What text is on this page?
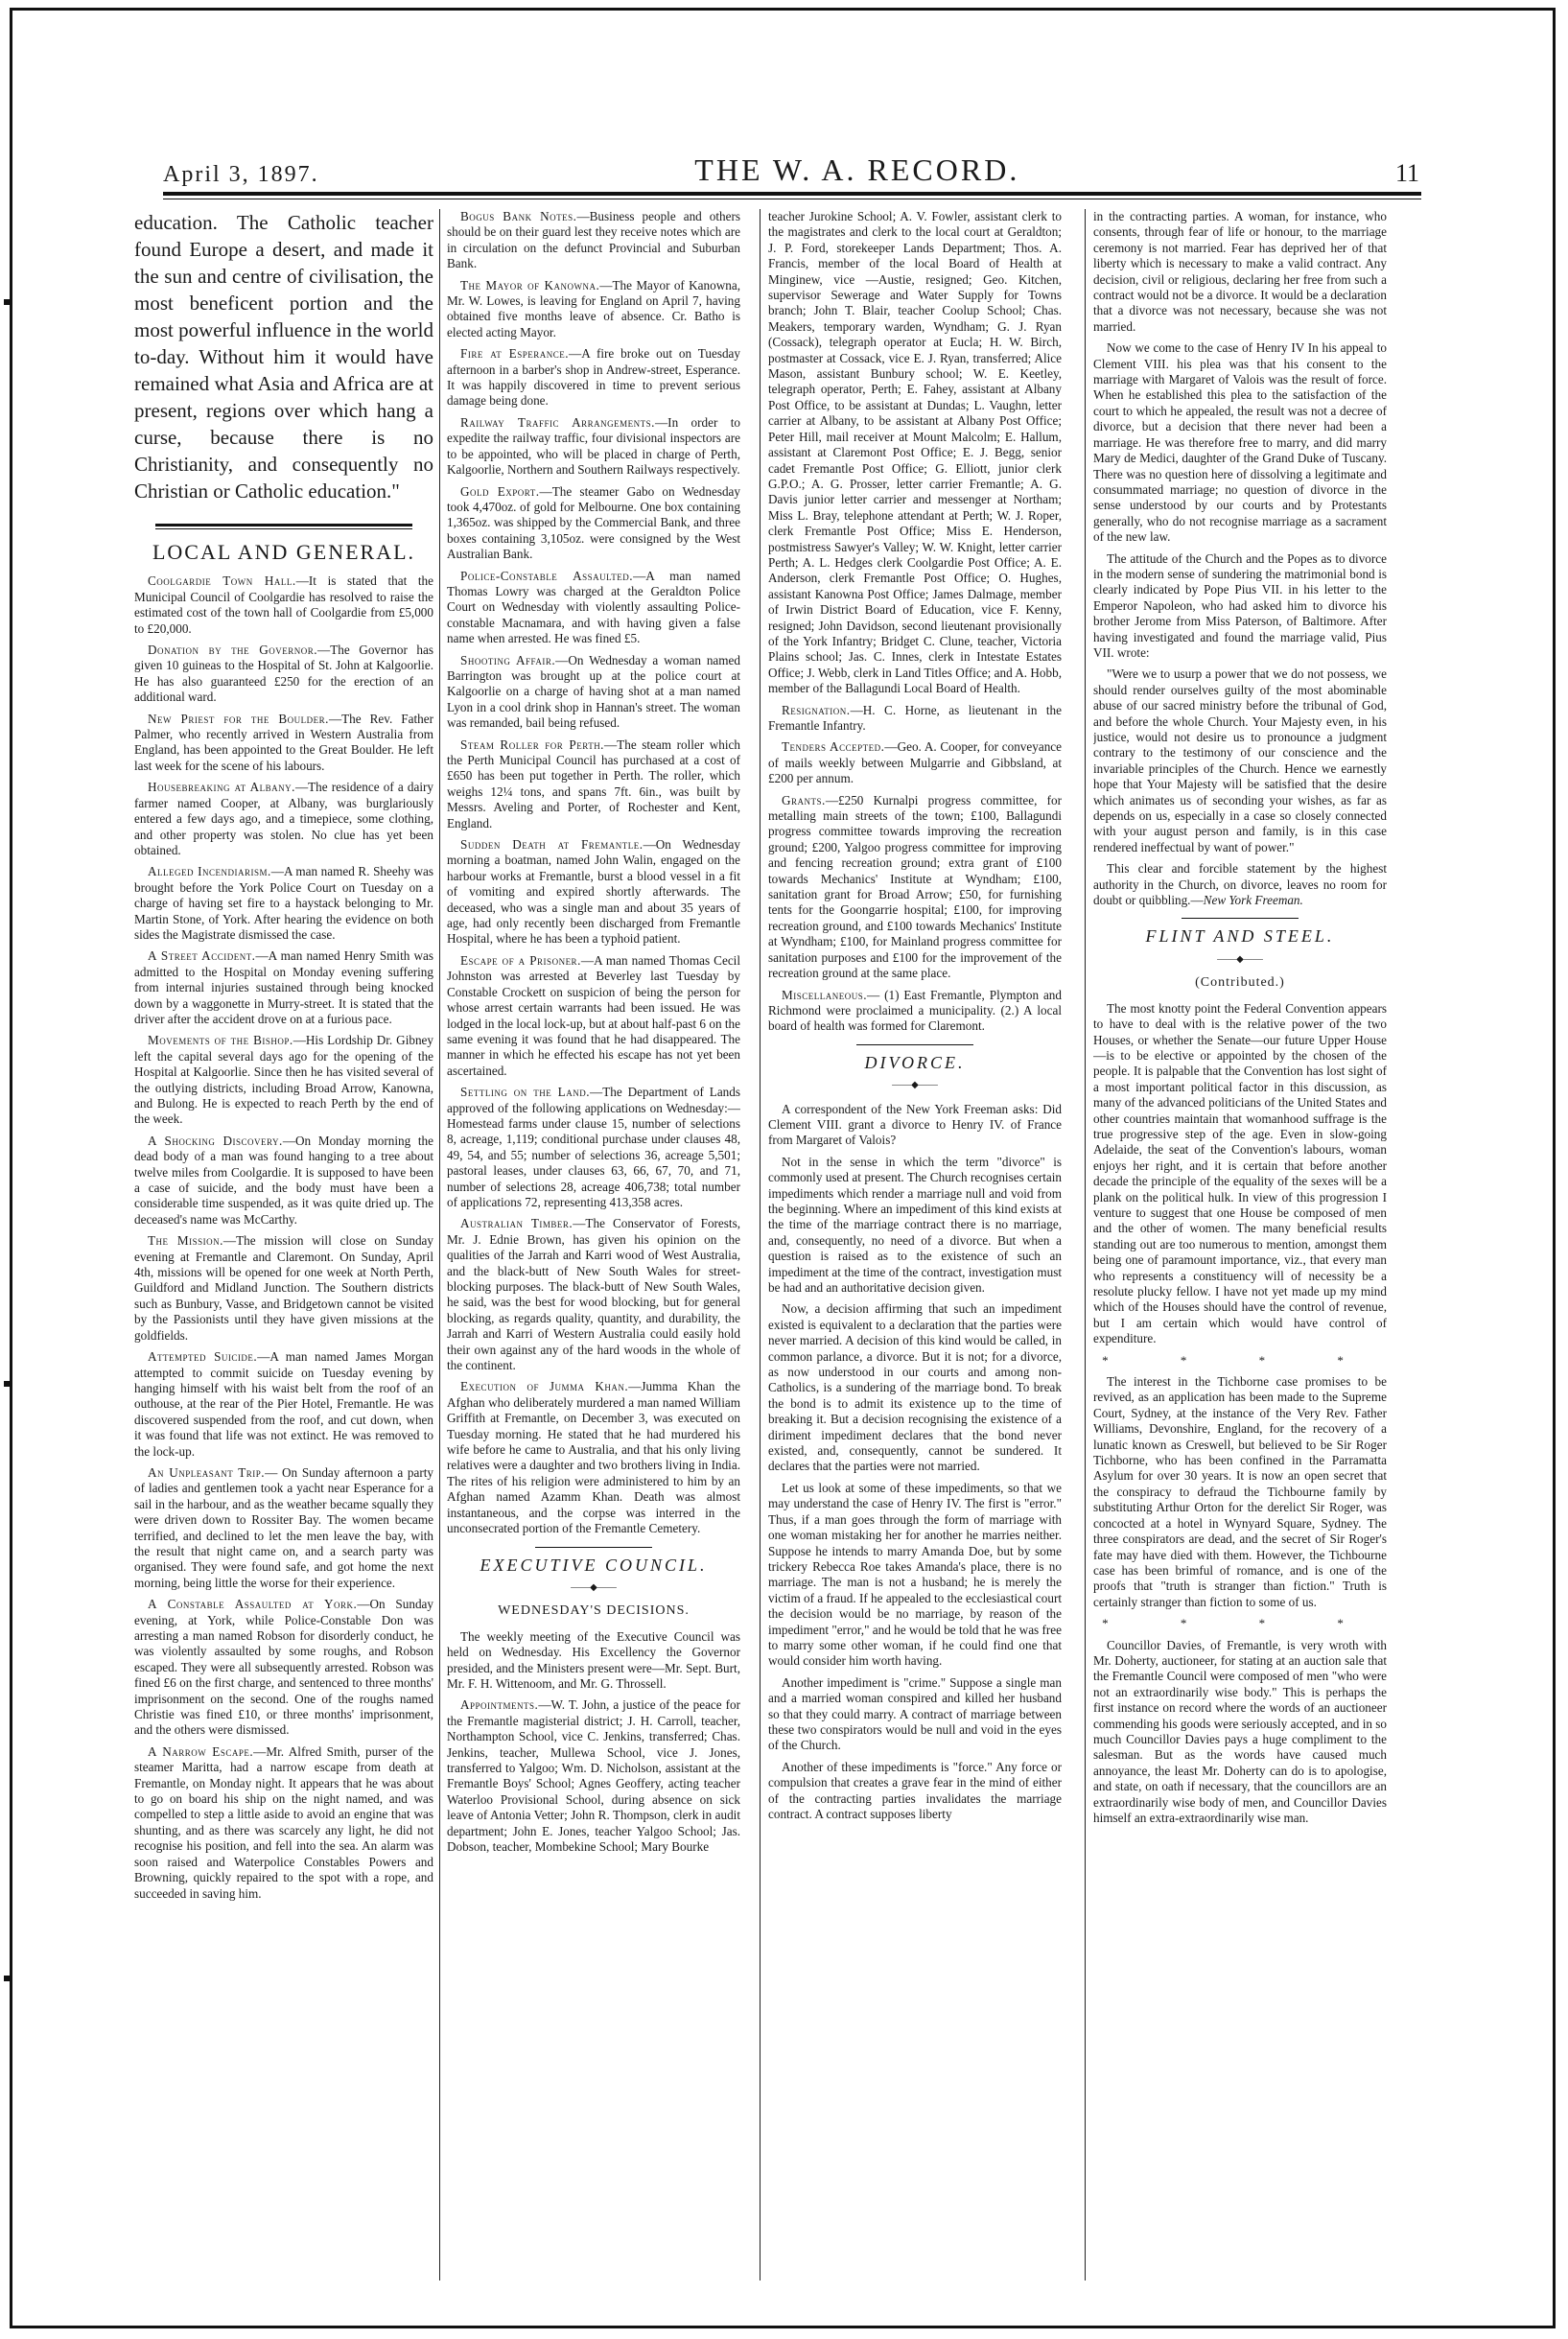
April 3, 1897.	THE W. A. RECORD.	11

education. The Catholic teacher found Europe a desert, and made it the sun and centre of civilisation, the most beneficent portion and the most powerful influence in the world to-day. Without him it would have remained what Asia and Africa are at present, regions over which hang a curse, because there is no Christianity, and consequently no Christian or Catholic education."

LOCAL AND GENERAL.

Coolgardie Town Hall.—It is stated that the Municipal Council of Coolgardie has resolved to raise the estimated cost of the town hall of Coolgardie from £5,000 to £20,000.

Donation by the Governor.—The Governor has given 10 guineas to the Hospital of St. John at Kalgoorlie. He has also guaranteed £250 for the erection of an additional ward.

New Priest for the Boulder.—The Rev. Father Palmer, who recently arrived in Western Australia from England, has been appointed to the Great Boulder. He left last week for the scene of his labours.

Housebreaking at Albany.—The residence of a dairy farmer named Cooper, at Albany, was burglariously entered a few days ago, and a timepiece, some clothing, and other property was stolen. No clue has yet been obtained.

Alleged Incendiarism.—A man named R. Sheehy was brought before the York Police Court on Tuesday on a charge of having set fire to a haystack belonging to Mr. Martin Stone, of York. After hearing the evidence on both sides the Magistrate dismissed the case.

A Street Accident.—A man named Henry Smith was admitted to the Hospital on Monday evening suffering from internal injuries sustained through being knocked down by a waggonette in Murry-street. It is stated that the driver after the accident drove on at a furious pace.

Movements of the Bishop.—His Lordship Dr. Gibney left the capital several days ago for the opening of the Hospital at Kalgoorlie. Since then he has visited several of the outlying districts, including Broad Arrow, Kanowna, and Bulong. He is expected to reach Perth by the end of the week.

A Shocking Discovery.—On Monday morning the dead body of a man was found hanging to a tree about twelve miles from Coolgardie. It is supposed to have been a case of suicide, and the body must have been a considerable time suspended, as it was quite dried up. The deceased's name was McCarthy.

The Mission.—The mission will close on Sunday evening at Fremantle and Claremont. On Sunday, April 4th, missions will be opened for one week at North Perth, Guildford and Midland Junction. The Southern districts such as Bunbury, Vasse, and Bridgetown cannot be visited by the Passionists until they have given missions at the goldfields.

Attempted Suicide.—A man named James Morgan attempted to commit suicide on Tuesday evening by hanging himself with his waist belt from the roof of an outhouse, at the rear of the Pier Hotel, Fremantle. He was discovered suspended from the roof, and cut down, when it was found that life was not extinct. He was removed to the lock-up.

An Unpleasant Trip.— On Sunday afternoon a party of ladies and gentlemen took a yacht near Esperance for a sail in the harbour, and as the weather became squally they were driven down to Rossiter Bay. The women became terrified, and declined to let the men leave the bay, with the result that night came on, and a search party was organised. They were found safe, and got home the next morning, being little the worse for their experience.

A Constable Assaulted at York.—On Sunday evening, at York, while Police-Constable Don was arresting a man named Robson for disorderly conduct, he was violently assaulted by some roughs, and Robson escaped. They were all subsequently arrested. Robson was fined £6 on the first charge, and sentenced to three months' imprisonment on the second. One of the roughs named Christie was fined £10, or three months' imprisonment, and the others were dismissed.

A Narrow Escape.—Mr. Alfred Smith, purser of the steamer Maritta, had a narrow escape from death at Fremantle, on Monday night. It appears that he was about to go on board his ship on the night named, and was compelled to step a little aside to avoid an engine that was shunting, and as there was scarcely any light, he did not recognise his position, and fell into the sea. An alarm was soon raised and Waterpolice Constables Powers and Browning, quickly repaired to the spot with a rope, and succeeded in saving him.

Bogus Bank Notes.—Business people and others should be on their guard lest they receive notes which are in circulation on the defunct Provincial and Suburban Bank.

The Mayor of Kanowna.—The Mayor of Kanowna, Mr. W. Lowes, is leaving for England on April 7, having obtained five months leave of absence. Cr. Batho is elected acting Mayor.

Fire at Esperance.—A fire broke out on Tuesday afternoon in a barber's shop in Andrew-street, Esperance. It was happily discovered in time to prevent serious damage being done.

Railway Traffic Arrangements.—In order to expedite the railway traffic, four divisional inspectors are to be appointed, who will be placed in charge of Perth, Kalgoorlie, Northern and Southern Railways respectively.

Gold Export.—The steamer Gabo on Wednesday took 4,470oz. of gold for Melbourne. One box containing 1,365oz. was shipped by the Commercial Bank, and three boxes containing 3,105oz. were consigned by the West Australian Bank.

Police-Constable Assaulted.—A man named Thomas Lowry was charged at the Geraldton Police Court on Wednesday with violently assaulting Police-constable Macnamara, and with having given a false name when arrested. He was fined £5.

Shooting Affair.—On Wednesday a woman named Barrington was brought up at the police court at Kalgoorlie on a charge of having shot at a man named Lyon in a cool drink shop in Hannan's street. The woman was remanded, bail being refused.

Steam Roller for Perth.—The steam roller which the Perth Municipal Council has purchased at a cost of £650 has been put together in Perth. The roller, which weighs 12¼ tons, and spans 7ft. 6in., was built by Messrs. Aveling and Porter, of Rochester and Kent, England.

Sudden Death at Fremantle.—On Wednesday morning a boatman, named John Walin, engaged on the harbour works at Fremantle, burst a blood vessel in a fit of vomiting and expired shortly afterwards. The deceased, who was a single man and about 35 years of age, had only recently been discharged from Fremantle Hospital, where he has been a typhoid patient.

Escape of a Prisoner.—A man named Thomas Cecil Johnston was arrested at Beverley last Tuesday by Constable Crockett on suspicion of being the person for whose arrest certain warrants had been issued. He was lodged in the local lock-up, but at about half-past 6 on the same evening it was found that he had disappeared. The manner in which he effected his escape has not yet been ascertained.

Settling on the Land.—The Department of Lands approved of the following applications on Wednesday:—Homestead farms under clause 15, number of selections 8, acreage, 1,119; conditional purchase under clauses 48, 49, 54, and 55; number of selections 36, acreage 5,501; pastoral leases, under clauses 63, 66, 67, 70, and 71, number of selections 28, acreage 406,738; total number of applications 72, representing 413,358 acres.

Australian Timber.—The Conservator of Forests, Mr. J. Ednie Brown, has given his opinion on the qualities of the Jarrah and Karri wood of West Australia, and the black-butt of New South Wales for street-blocking purposes. The black-butt of New South Wales, he said, was the best for wood blocking, but for general blocking, as regards quality, quantity, and durability, the Jarrah and Karri of Western Australia could easily hold their own against any of the hard woods in the whole of the continent.

Execution of Jumma Khan.—Jumma Khan the Afghan who deliberately murdered a man named William Griffith at Fremantle, on December 3, was executed on Tuesday morning. He stated that he had murdered his wife before he came to Australia, and that his only living relatives were a daughter and two brothers living in India. The rites of his religion were administered to him by an Afghan named Azamm Khan. Death was almost instantaneous, and the corpse was interred in the unconsecrated portion of the Fremantle Cemetery.

EXECUTIVE COUNCIL.
——◆——
WEDNESDAY'S DECISIONS.

The weekly meeting of the Executive Council was held on Wednesday. His Excellency the Governor presided, and the Ministers present were—Mr. Sept. Burt, Mr. F. H. Wittenoom, and Mr. G. Throssell.

Appointments.—W. T. John, a justice of the peace for the Fremantle magisterial district; J. H. Carroll, teacher, Northampton School, vice C. Jenkins, transferred; Chas. Jenkins, teacher, Mullewa School, vice J. Jones, transferred to Yalgoo; Wm. D. Nicholson, assistant at the Fremantle Boys' School; Agnes Geoffery, acting teacher Waterloo Provisional School, during absence on sick leave of Antonia Vetter; John R. Thompson, clerk in audit department; John E. Jones, teacher Yalgoo School; Jas. Dobson, teacher, Mombekine School; Mary Bourke

teacher Jurokine School; A. V. Fowler, assistant clerk to the magistrates and clerk to the local court at Geraldton; J. P. Ford, storekeeper Lands Department; Thos. A. Francis, member of the local Board of Health at Minginew, vice —Austie, resigned; Geo. Kitchen, supervisor Sewerage and Water Supply for Towns branch; John T. Blair, teacher Coolup School; Chas. Meakers, temporary warden, Wyndham; G. J. Ryan (Cossack), telegraph operator at Eucla; H. W. Birch, postmaster at Cossack, vice E. J. Ryan, transferred; Alice Mason, assistant Bunbury school; W. E. Keetley, telegraph operator, Perth; E. Fahey, assistant at Albany Post Office, to be assistant at Dundas; L. Vaughn, letter carrier at Albany, to be assistant at Albany Post Office; Peter Hill, mail receiver at Mount Malcolm; E. Hallum, assistant at Claremont Post Office; E. J. Begg, senior cadet Fremantle Post Office; G. Elliott, junior clerk G.P.O.; A. G. Prosser, letter carrier Fremantle; A. G. Davis junior letter carrier and messenger at Northam; Miss L. Bray, telephone attendant at Perth; W. J. Roper, clerk Fremantle Post Office; Miss E. Henderson, postmistress Sawyer's Valley; W. W. Knight, letter carrier Perth; A. L. Hedges clerk Coolgardie Post Office; A. E. Anderson, clerk Fremantle Post Office; O. Hughes, assistant Kanowna Post Office; James Dalmage, member of Irwin District Board of Education, vice F. Kenny, resigned; John Davidson, second lieutenant provisionally of the York Infantry; Bridget C. Clune, teacher, Victoria Plains school; Jas. C. Innes, clerk in Intestate Estates Office; J. Webb, clerk in Land Titles Office; and A. Hobb, member of the Ballagundi Local Board of Health.

Resignation.—H. C. Horne, as lieutenant in the Fremantle Infantry.

Tenders Accepted.—Geo. A. Cooper, for conveyance of mails weekly between Mulgarrie and Gibbsland, at £200 per annum.

Grants.—£250 Kurnalpi progress committee, for metalling main streets of the town; £100, Ballagundi progress committee towards improving the recreation ground; £200, Yalgoo progress committee for improving and fencing recreation ground; extra grant of £100 towards Mechanics' Institute at Wyndham; £100, sanitation grant for Broad Arrow; £50, for furnishing tents for the Goongarrie hospital; £100, for improving recreation ground, and £100 towards Mechanics' Institute at Wyndham; £100, for Mainland progress committee for sanitation purposes and £100 for the improvement of the recreation ground at the same place.

Miscellaneous.— (1) East Fremantle, Plympton and Richmond were proclaimed a municipality. (2.) A local board of health was formed for Claremont.

DIVORCE.
——◆——

A correspondent of the New York Freeman asks: Did Clement VIII. grant a divorce to Henry IV. of France from Margaret of Valois?

Not in the sense in which the term "divorce" is commonly used at present. The Church recognises certain impediments which render a marriage null and void from the beginning. Where an impediment of this kind exists at the time of the marriage contract there is no marriage, and, consequently, no need of a divorce. But when a question is raised as to the existence of such an impediment at the time of the contract, investigation must be had and an authoritative decision given.

Now, a decision affirming that such an impediment existed is equivalent to a declaration that the parties were never married. A decision of this kind would be called, in common parlance, a divorce. But it is not; for a divorce, as now understood in our courts and among non-Catholics, is a sundering of the marriage bond. To break the bond is to admit its existence up to the time of breaking it. But a decision recognising the existence of a diriment impediment declares that the bond never existed, and, consequently, cannot be sundered. It declares that the parties were not married.

Let us look at some of these impediments, so that we may understand the case of Henry IV. The first is "error." Thus, if a man goes through the form of marriage with one woman mistaking her for another he marries neither. Suppose he intends to marry Amanda Doe, but by some trickery Rebecca Roe takes Amanda's place, there is no marriage. The man is not a husband; he is merely the victim of a fraud. If he appealed to the ecclesiastical court the decision would be no marriage, by reason of the impediment "error," and he would be told that he was free to marry some other woman, if he could find one that would consider him worth having.

Another impediment is "crime." Suppose a single man and a married woman conspired and killed her husband so that they could marry. A contract of marriage between these two conspirators would be null and void in the eyes of the Church.

Another of these impediments is "force." Any force or compulsion that creates a grave fear in the mind of either of the contracting parties invalidates the marriage contract. A contract supposes liberty

in the contracting parties. A woman, for instance, who consents, through fear of life or honour, to the marriage ceremony is not married. Fear has deprived her of that liberty which is necessary to make a valid contract. Any decision, civil or religious, declaring her free from such a contract would not be a divorce. It would be a declaration that a divorce was not necessary, because she was not married.

Now we come to the case of Henry IV In his appeal to Clement VIII. his plea was that his consent to the marriage with Margaret of Valois was the result of force. When he established this plea to the satisfaction of the court to which he appealed, the result was not a decree of divorce, but a decision that there never had been a marriage. He was therefore free to marry, and did marry Mary de Medici, daughter of the Grand Duke of Tuscany. There was no question here of dissolving a legitimate and consummated marriage; no question of divorce in the sense understood by our courts and by Protestants generally, who do not recognise marriage as a sacrament of the new law.

The attitude of the Church and the Popes as to divorce in the modern sense of sundering the matrimonial bond is clearly indicated by Pope Pius VII. in his letter to the Emperor Napoleon, who had asked him to divorce his brother Jerome from Miss Paterson, of Baltimore. After having investigated and found the marriage valid, Pius VII. wrote:

"Were we to usurp a power that we do not possess, we should render ourselves guilty of the most abominable abuse of our sacred ministry before the tribunal of God, and before the whole Church. Your Majesty even, in his justice, would not desire us to pronounce a judgment contrary to the testimony of our conscience and the invariable principles of the Church. Hence we earnestly hope that Your Majesty will be satisfied that the desire which animates us of seconding your wishes, as far as depends on us, especially in a case so closely connected with your august person and family, is in this case rendered ineffectual by want of power."

This clear and forcible statement by the highest authority in the Church, on divorce, leaves no room for doubt or quibbling.—New York Freeman.

FLINT AND STEEL.
——◆——
(Contributed.)

The most knotty point the Federal Convention appears to have to deal with is the relative power of the two Houses, or whether the Senate—our future Upper House—is to be elective or appointed by the chosen of the people. It is palpable that the Convention has lost sight of a most important political factor in this discussion, as many of the advanced politicians of the United States and other countries maintain that womanhood suffrage is the true progressive step of the age. Even in slow-going Adelaide, the seat of the Convention's labours, woman enjoys her right, and it is certain that before another decade the principle of the equality of the sexes will be a plank on the political hulk. In view of this progression I venture to suggest that one House be composed of men and the other of women. The many beneficial results standing out are too numerous to mention, amongst them being one of paramount importance, viz., that every man who represents a constituency will of necessity be a resolute plucky fellow. I have not yet made up my mind which of the Houses should have the control of revenue, but I am certain which would have control of expenditure.

* * * *

The interest in the Tichborne case promises to be revived, as an application has been made to the Supreme Court, Sydney, at the instance of the Very Rev. Father Williams, Devonshire, England, for the recovery of a lunatic known as Creswell, but believed to be Sir Roger Tichborne, who has been confined in the Parramatta Asylum for over 30 years. It is now an open secret that the conspiracy to defraud the Tichbourne family by substituting Arthur Orton for the derelict Sir Roger, was concocted at a hotel in Wynyard Square, Sydney. The three conspirators are dead, and the secret of Sir Roger's fate may have died with them. However, the Tichbourne case has been brimful of romance, and is one of the proofs that "truth is stranger than fiction." Truth is certainly stranger than fiction to some of us.

* * * *

Councillor Davies, of Fremantle, is very wroth with Mr. Doherty, auctioneer, for stating at an auction sale that the Fremantle Council were composed of men "who were not an extraordinarily wise body." This is perhaps the first instance on record where the words of an auctioneer commending his goods were seriously accepted, and in so much Councillor Davies pays a huge compliment to the salesman. But as the words have caused much annoyance, the least Mr. Doherty can do is to apologise, and state, on oath if necessary, that the councillors are an extraordinarily wise body of men, and Councillor Davies himself an extra-extraordinarily wise man.
